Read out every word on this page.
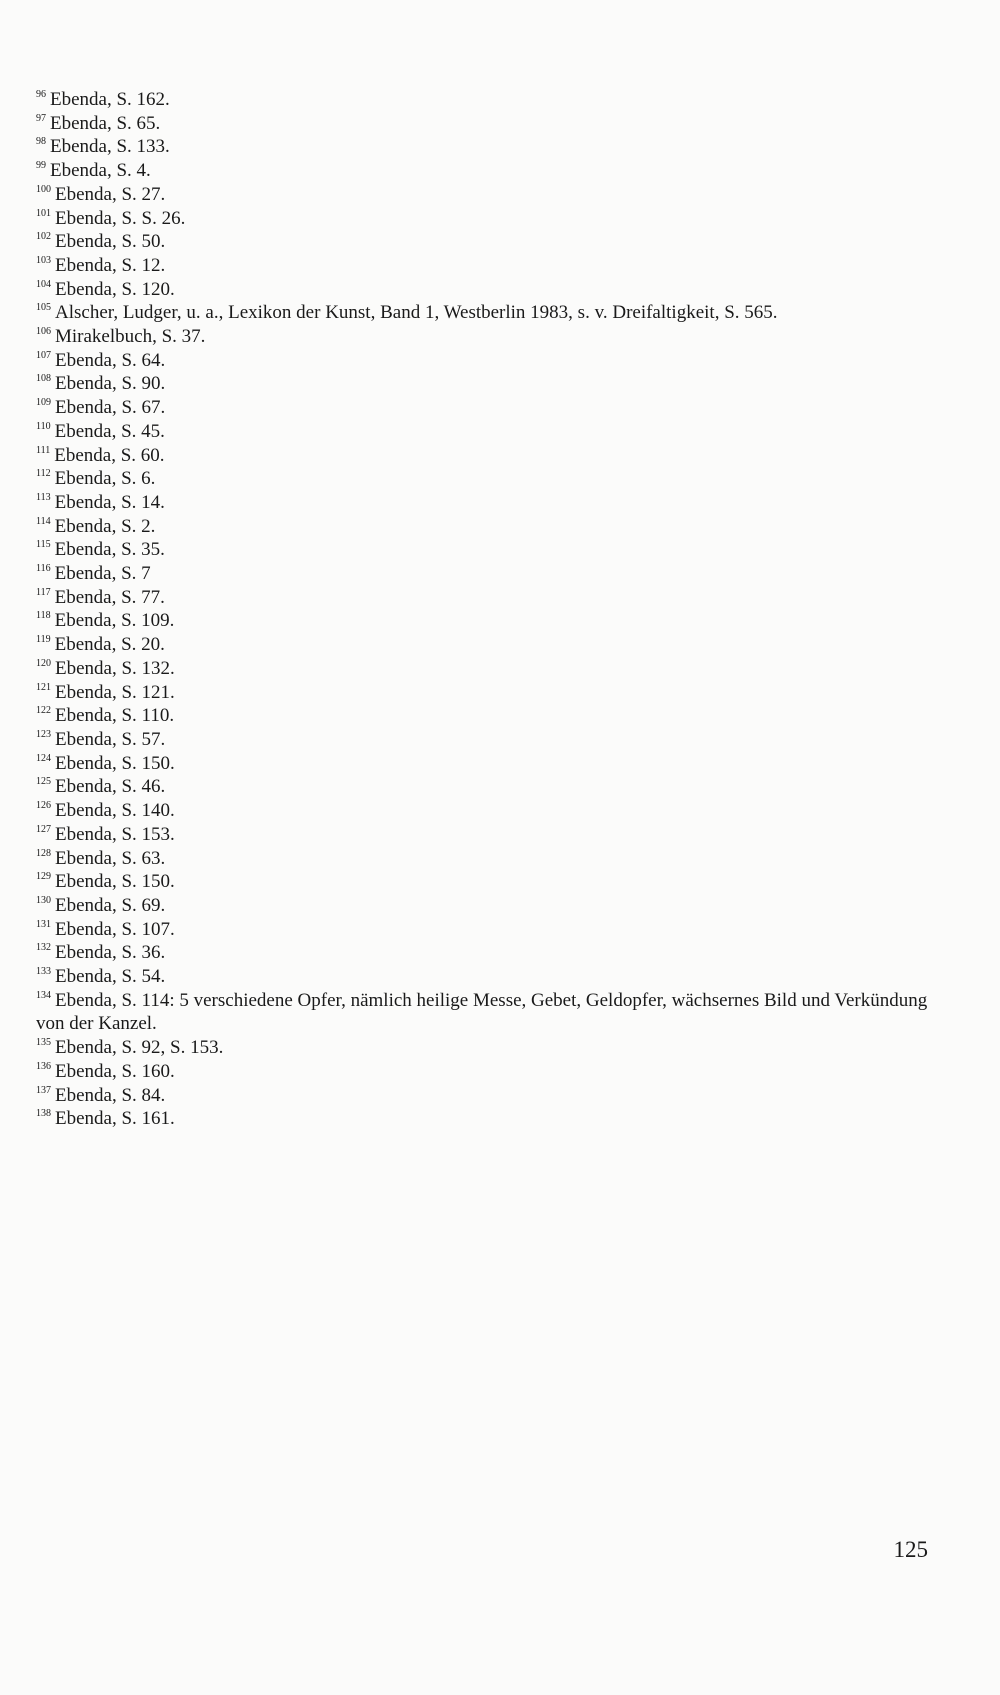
$^{96}$ Ebenda, S. 162.

$^{97}$ Ebenda, S. 65.

$^{98}$ Ebenda, S. 133.

$^{99}$ Ebenda, S. 4.

$^{100}$ Ebenda, S. 27.

$^{101}$ Ebenda, S. S. 26.

$^{102}$ Ebenda, S. 50.

$^{103}$ Ebenda, S. 12.

$^{104}$ Ebenda, S. 120.

$^{105}$ Alscher, Ludger, u. a., Lexikon der Kunst, Band 1, Westberlin 1983, s. v. Dreifaltigkeit, S. 565.

$^{106}$ Mirakelbuch, S. 37.

$^{107}$ Ebenda, S. 64.

$^{108}$ Ebenda, S. 90.

$^{109}$ Ebenda, S. 67.

$^{110}$ Ebenda, S. 45.

$^{111}$ Ebenda, S. 60.

$^{112}$ Ebenda, S. 6.

$^{113}$ Ebenda, S. 14.

$^{114}$ Ebenda, S. 2.

$^{115}$ Ebenda, S. 35.

$^{116}$ Ebenda, S. 7

$^{117}$ Ebenda, S. 77.

$^{118}$ Ebenda, S. 109.

$^{119}$ Ebenda, S. 20.

$^{120}$ Ebenda, S. 132.

$^{121}$ Ebenda, S. 121.

$^{122}$ Ebenda, S. 110.

$^{123}$ Ebenda, S. 57.

$^{124}$ Ebenda, S. 150.

$^{125}$ Ebenda, S. 46.

$^{126}$ Ebenda, S. 140.

$^{127}$ Ebenda, S. 153.

$^{128}$ Ebenda, S. 63.

$^{129}$ Ebenda, S. 150.

$^{130}$ Ebenda, S. 69.

$^{131}$ Ebenda, S. 107.

$^{132}$ Ebenda, S. 36.

$^{133}$ Ebenda, S. 54.

$^{134}$ Ebenda, S. 114: 5 verschiedene Opfer, nämlich heilige Messe, Gebet, Geldopfer, wächsernes Bild und Verkündung von der Kanzel.

$^{135}$ Ebenda, S. 92, S. 153.

$^{136}$ Ebenda, S. 160.

$^{137}$ Ebenda, S. 84.

$^{138}$ Ebenda, S. 161.

125
